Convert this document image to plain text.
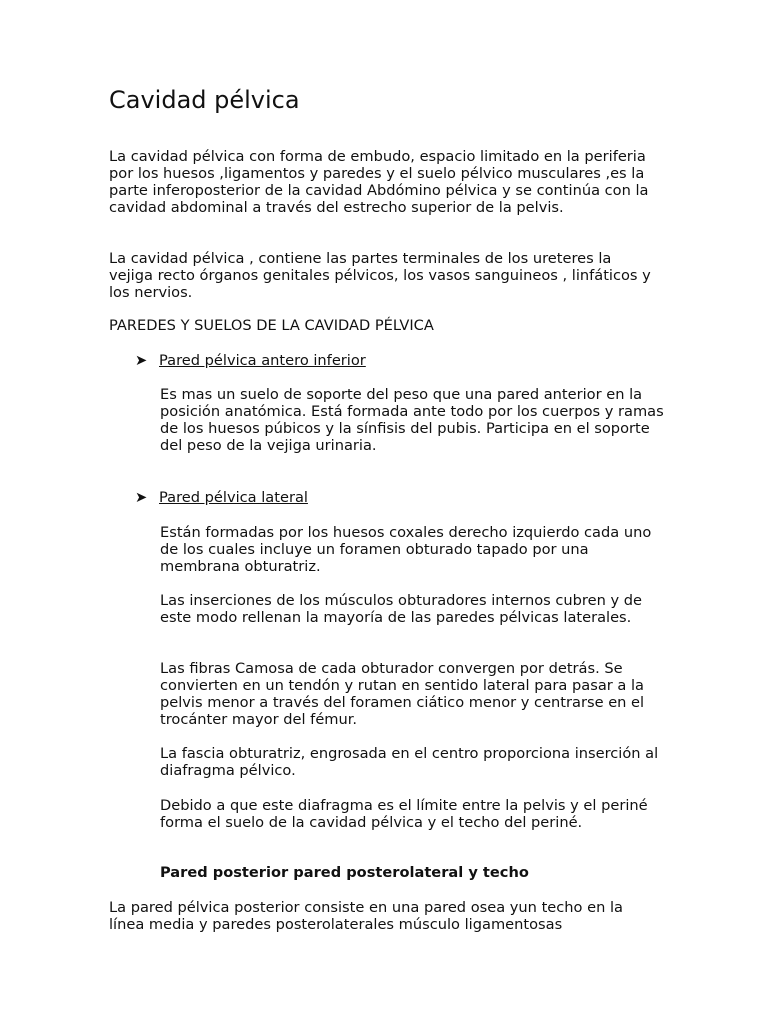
Cavidad pélvica

La cavidad pélvica con forma de embudo, espacio limitado en la periferia por los huesos ,ligamentos y paredes y el suelo pélvico musculares ,es la parte inferoposterior de la cavidad Abdómino pélvica y se continúa con la cavidad abdominal a través del estrecho superior de la pelvis.

La cavidad pélvica , contiene las partes terminales de los ureteres la vejiga recto órganos genitales pélvicos, los vasos sanguineos , linfáticos y los nervios.

PAREDES Y SUELOS DE LA CAVIDAD PÉLVICA

➤ Pared pélvica antero inferior

Es mas un suelo de soporte del peso que una pared anterior en la posición anatómica. Está formada ante todo por los cuerpos y ramas de los huesos púbicos y la sínfisis del pubis. Participa en el soporte del peso de la vejiga urinaria.

➤ Pared pélvica lateral

Están formadas por los huesos coxales derecho izquierdo cada uno de los cuales incluye un foramen obturado tapado por una membrana obturatriz.

Las inserciones de los músculos obturadores internos cubren y de este modo rellenan la mayoría de las paredes pélvicas laterales.

Las fibras Camosa de cada obturador convergen por detrás. Se convierten en un tendón y rutan en sentido lateral para pasar a la pelvis menor a través del foramen ciático menor y centrarse en el trocánter mayor del fémur.

La fascia obturatriz, engrosada en el centro proporciona inserción al diafragma pélvico.

Debido a que este diafragma es el límite entre la pelvis y el periné forma el suelo de la cavidad pélvica y el techo del periné.

Pared posterior pared posterolateral y techo

La pared pélvica posterior consiste en una pared osea yun techo en la línea media y paredes posterolaterales músculo ligamentosas
